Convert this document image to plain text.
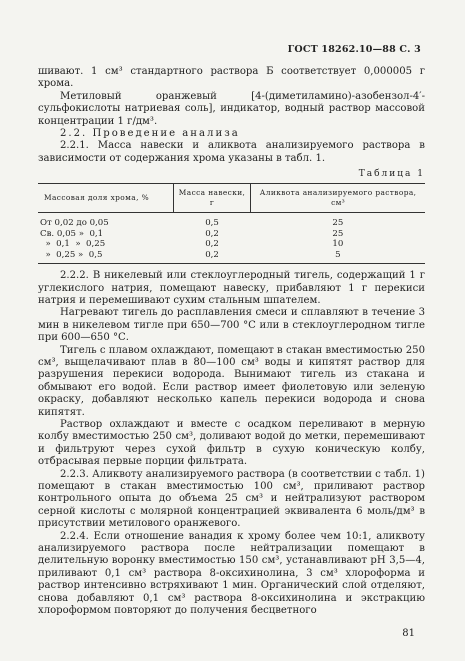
ГОСТ 18262.10—88 С. 3

шивают. 1 см³ стандартного раствора Б соответствует 0,000005 г хрома.

Метиловый оранжевый [4-(диметиламино)-азобензол-4′-сульфокислоты натриевая соль], индикатор, водный раствор массовой концентрации 1 г/дм³.

2.2. Проведение анализа

2.2.1. Масса навески и аликвота анализируемого раствора в зависимости от содержания хрома указаны в табл. 1.

Таблица 1
Массовая доля хрома, %	Масса навески, г	Аликвота анализируемого раствора, см³
От 0,02 до 0,05	0,5	25
Св. 0,05 »  0,1	0,2	25
»  0,1  »  0,25	0,2	10
»  0,25 »  0,5	0,2	5

2.2.2. В никелевый или стеклоуглеродный тигель, содержащий 1 г углекислого натрия, помещают навеску, прибавляют 1 г перекиси натрия и перемешивают сухим стальным шпателем.

Нагревают тигель до расплавления смеси и сплавляют в течение 3 мин в никелевом тигле при 650—700 °С или в стеклоуглеродном тигле при 600—650 °С.

Тигель с плавом охлаждают, помещают в стакан вместимостью 250 см³, выщелачивают плав в 80—100 см³ воды и кипятят раствор для разрушения перекиси водорода. Вынимают тигель из стакана и обмывают его водой. Если раствор имеет фиолетовую или зеленую окраску, добавляют несколько капель перекиси водорода и снова кипятят.

Раствор охлаждают и вместе с осадком переливают в мерную колбу вместимостью 250 см³, доливают водой до метки, перемешивают и фильтруют через сухой фильтр в сухую коническую колбу, отбрасывая первые порции фильтрата.

2.2.3. Аликвоту анализируемого раствора (в соответствии с табл. 1) помещают в стакан вместимостью 100 см³, приливают раствор контрольного опыта до объема 25 см³ и нейтрализуют раствором серной кислоты с молярной концентрацией эквивалента 6 моль/дм³ в присутствии метилового оранжевого.

2.2.4. Если отношение ванадия к хрому более чем 10:1, аликвоту анализируемого раствора после нейтрализации помещают в делительную воронку вместимостью 150 см³, устанавливают pH 3,5—4, приливают 0,1 см³ раствора 8-оксихинолина, 3 см³ хлороформа и раствор интенсивно встряхивают 1 мин. Органический слой отделяют, снова добавляют 0,1 см³ раствора 8-оксихинолина и экстракцию хлороформом повторяют до получения бесцветного

81
